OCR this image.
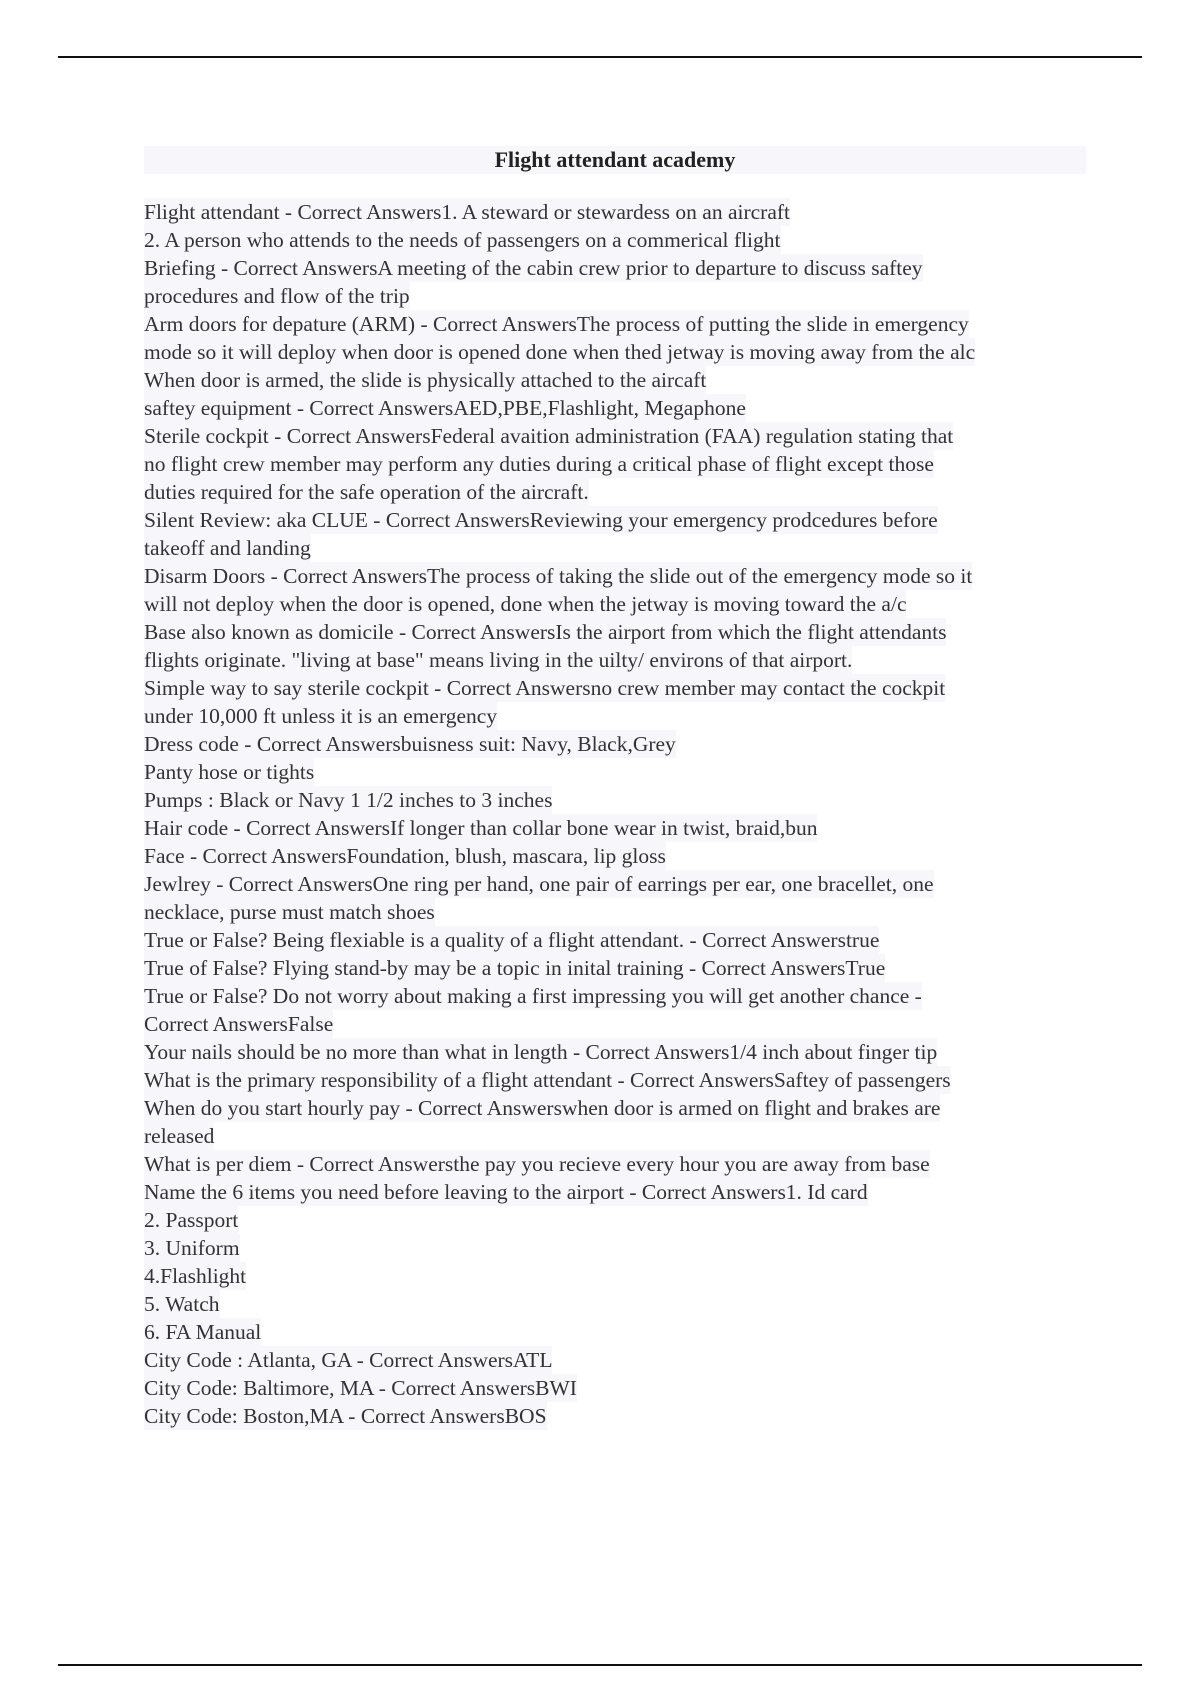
Flight attendant academy
Flight attendant - Correct Answers1. A steward or stewardess on an aircraft
2. A person who attends to the needs of passengers on a commerical flight
Briefing - Correct AnswersA meeting of the cabin crew prior to departure to discuss saftey
procedures and flow of the trip
Arm doors for depature (ARM) - Correct AnswersThe process of putting the slide in emergency
mode so it will deploy when door is opened done when thed jetway is moving away from the alc
When door is armed, the slide is physically attached to the aircaft
saftey equipment - Correct AnswersAED,PBE,Flashlight, Megaphone
Sterile cockpit - Correct AnswersFederal avaition administration (FAA) regulation stating that
no flight crew member may perform any duties during a critical phase of flight except those
duties required for the safe operation of the aircraft.
Silent Review: aka CLUE - Correct AnswersReviewing your emergency prodcedures before
takeoff and landing
Disarm Doors - Correct AnswersThe process of taking the slide out of the emergency mode so it
will not deploy when the door is opened, done when the jetway is moving toward the a/c
Base also known as domicile - Correct AnswersIs the airport from which the flight attendants
flights originate. "living at base" means living in the uilty/ environs of that airport.
Simple way to say sterile cockpit - Correct Answersno crew member may contact the cockpit
under 10,000 ft unless it is an emergency
Dress code - Correct Answersbuisness suit: Navy, Black,Grey
Panty hose or tights
Pumps : Black or Navy 1 1/2 inches to 3 inches
Hair code - Correct AnswersIf longer than collar bone wear in twist, braid,bun
Face - Correct AnswersFoundation, blush, mascara, lip gloss
Jewlrey - Correct AnswersOne ring per hand, one pair of earrings per ear, one bracellet, one
necklace, purse must match shoes
True or False? Being flexiable is a quality of a flight attendant. - Correct Answerstrue
True of False? Flying stand-by may be a topic in inital training - Correct AnswersTrue
True or False? Do not worry about making a first impressing you will get another chance -
Correct AnswersFalse
Your nails should be no more than what in length - Correct Answers1/4 inch about finger tip
What is the primary responsibility of a flight attendant - Correct AnswersSaftey of passengers
When do you start hourly pay - Correct Answerswhen door is armed on flight and brakes are
released
What is per diem - Correct Answersthe pay you recieve every hour you are away from base
Name the 6 items you need before leaving to the airport - Correct Answers1. Id card
2. Passport
3. Uniform
4.Flashlight
5. Watch
6. FA Manual
City Code : Atlanta, GA - Correct AnswersATL
City Code: Baltimore, MA - Correct AnswersBWI
City Code: Boston,MA - Correct AnswersBOS
